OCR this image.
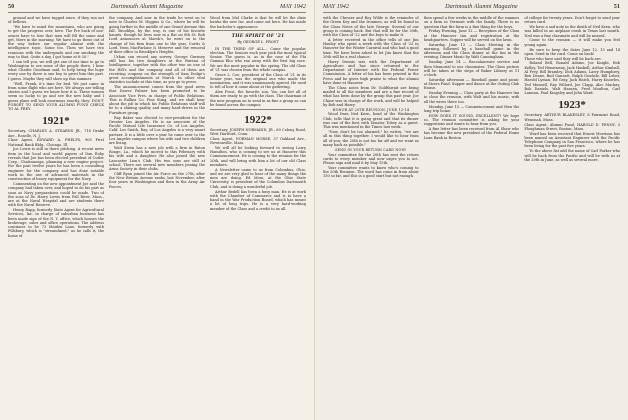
50	Dartmouth Alumni Magazine	MAY 1942

ground and we have tugged since, if they run out of bellows.

"We have to mind the mountains, who are going to get the progress over, here. The Pre back of one-owner have to lose that men will fill the same and get, there in the morning. We have to go these out of the way before our regular alumni with the intelligence topic. Some too. Then we have two reunions with the undergrads and our smoking the way to that. Quite a day, I got home at 6:30."

I can tell you, we will get one of our time to go to Washington to see some of the people there, I hear what Charlie Goodman said, to help bring the hope every one by there is one boy to greet him this part. I guess. Maybe they will show up this summer.

"Well, Frank, it's time for bed. We just came in from some flight who are here. We always are telling stories and I guess we know how it is. These women seem so lucky to go and see the new baby and I guess plans will look enormous exactly, they: DON'T FORGET TO SEND YOUR ALUMNI FUND CHECK TO AL FREY.

1921*

Secretary, CHARLES A. STEARNS JR., 718 Drake Ave., Roselle, N. J.

Class Agent, EDWARD A. PHELPS, 905 First National Bank Bldg., Chicago, Ill.

Joe Lewis is still in there pitching. A recent news item in the local and world papers of Dan Roby reveals that Joe has been elected president of Cutler Corp., Chattanooga, planning a new engine project. For the past twelve years he has been a consulting engineer for the company and has done notable work in the use of advanced materials in the construction of heavy equipment for the Navy.

Commenting on the new appointment Joe said the company had taken over, and hoped to do his part as soon as Navy preparations could be made. Two of the sons of Dr. Harry Lewis from Fall River, Mass., are at the Naval Hospital and are students there with the Naval Reserve.

Henry Rapp, formerly State Agent for Agricultural Services, Inc. in charge of suburban business has been made sign of the N. Y. office, which houses the brokerage, sales and office operations. The address continues to be 73 Maiden Lane, formerly with Pillsbury, which is "streamlined," as he calls it, the home of

the company. And now in the trade he went on to note to Charles M. Higgins & Co., where he will be going further in the middle of one Grand Avenue this fall. Brooklyn, by the way, is one of his favorite haunts, though he lives now in a flat on 8th St. Bob Lord announces at Marsh's, he went on to the change of his firm from one to the year, Curtis & Lord, from MacFarlane & Meserve and the removal of their office to Brooklyn's Heights.

Urban can record any survey. George Gurnsey still has his two daughters at the Bureau of Intelligence, together with the other two on one of the Hill's and the company and all of them are receiving coupons on the strength of Sam Dodge's great accomplishments at Murch. In other vital statistics include at this time, as you go to press.

The announcement comes from the good news that Dawes Palmer has been promoted to be Associate Vice Pres. in charge of Public Relations. This is Rollins Co. Fine thing, and we shall hear about the job in which his Public Relations staff will be to a shining quality and many hard-drives in the Furniture group.

Ray Baker was elected to vice-president for the Greater Los Angeles. He is an associate of the Pacific Mutual Life Insurance Co. of Los Angeles, Calif. Les Smith, Ray, of Los Angeles is a very smart partner. It is a little over a year he came over to the Los Angeles campus where his wife and two children are living.

Walt Steen has a new job with a firm in Baton Rouge, La., which he moved to this February with his wife and a daughter. He also joined the new Lancaster Lion's Club. His two sons are still at school. There are several new members joining the Arms Society in their clubs.

Cliff Ryan joined the Air Force on the 27th, after the New Britain Avenue ranks, last November, after four years in Washington and then in the Army Air Forces.

Wood from Mal Clarke is that he will let the dixie hawks the new Inc. and come out here. He has made the bachelor's appearance.

THE SPIRIT OF '21
By GEORGE L. FROST

IN THE THIRD OF ALL... Come the popular election. The Seniors each year pick the most typical Senior. The guess is, as in the case of the Phi Gamma Rho who ran away with the first big race. We are the most popular in the spring. The old Class of '21 was chosen from the whole campus.

Grace L. Coe, president of the Class of '21 in its Senior year, was the original one who made the nomination, and it was unanimously agreed. He used to tell of how it came about at the gathering.

Alex Frost, the favorite son. You can bet all of them are ready to go with the class. The chairman of the new program on to send in as fine a group as can be found across the campus.

1922*

Secretary, JOSEPH NORMAND, JR., 69 Colony Road, West Hartford, Conn.

Class Agent, NORMAN MORSE, 37 Oakland Ave., Newtonville, Mass.

We will all be looking forward to seeing Larry Hamilton, who is coming to see us at Hanover this Commencement. He is coming to the reunion for the 20th, and will bring with him a lot of our old Class members.

A Newsletter came to us from Columbus, Ohio, and we are very glad to hear of the many things the men are doing. Ed Moss, at the Ohio State University, is president of the Columbus Dartmouth Club, and is doing a wonderful job.

Arthur Bedell has been a busy man. He is at work with the Chamber of Commerce and is to have a hand in the War Production Board, which has meant a lot of long trips. He is a very hard-working member of the Class and a credit to us all.

MAY 1942	Dartmouth Alumni Magazine	51

with the Chesser and Roy Wilde is the reminder of the Green Key and the Ironmen, as will be found in the Class Notes of the late George. Several of our group is coming back. But that will be for the 30th, with the Class of '22 and the boys to make it.

A letter received in the office tells of one Jim Hanley who spent a week with the Class of '22 in Hanover for the Winter Carnival and who had a good time. We have been asked to let Jim know that the 20th will be a real chance.

Harry Dennis was with the Department of Agriculture and has since returned to the Department of Interior with the Federal Power Commission. A letter of his has been printed in the Press and he gives high praise to what the alumni have done at Hanover.

The Class notes from Dr. Goldthwait are being mailed to all the members and are a fine record of what has been done by the group this past year. Joe Chase was in charge of the work, and will be helped by Bob and Harry.

HONOR AT 20TH REUNION, JUNE 12-14

Wood from Ned Keen, head of the Washington Club, tells that it is going great and that its dinner was one of the best with Senator Tobey as a guest. This was mentioned in the Times last week.

"Now, don't be too alarmed," he writes, "we are all in this thing together. I would like to hear from all of you; the 20th is not too far off and we want as many back as possible."

SEND IN YOUR RETURN CARD NOW!

Your committee for the 20th has sent the return cards to every member and now urges you to act. Please sign and mail it by May 15th.

Your committee wants to know who's coming to the 20th Reunion. The word has come in from about 150 so far, and this is a good start but not enough.

then spend a few weeks in the middle of the summer on a farm in Vermont with the family. There is no question that the farm is a fine thing for the boys.

Friday Evening, June 12 — Reception of the Class at the Hanover Inn and registration at the headquarters. Supper will be served on the lawn.

Saturday, June 13 — Class Meeting in the morning, followed by a baseball game in the afternoon and the Class dinner at the Inn in the evening. Dinner Music by Walt Cunningham.

Sunday, June 14 — Baccalaureate service and then Memorial to our classmates. The Class picture will be taken at the steps of Baker Library at 11 o'clock.

Saturday afternoon — Baseball game and picnic at Storrs Pond. Supper and dance at the Outing Club House.

Sunday Evening — Class party at the Hanover Inn to close the reunion, with Walt and his music, with all the wives there too.

Monday, June 15 — Commencement and then the long trip home.

HOW DOES IT SOUND, EXCELLENT? We hope so. The reunion committee is asking for your suggestions and wants to hear from you.

A fine letter has been received from Al Shaw who has become the new president of the Federal Home Loan Bank in Boston.

of college for twenty years. Don't forget to send your return card.

We have a sad note in the death of Ned Keen, who was killed in an airplane crash in Texas last month. Ned was a fine classmate and will be missed.

Come to the reunion — it will make you feel young again.

Be sure to keep the dates June 12, 13 and 14 open. Send in the card. Come on back!

Those who have said they will be back are:

Roland Bell, Ronald Adams, Joe Knight, Bob Kelley, Ted Hemenway, Jack Haskell, Arthur Kimball, Al Frey, Bill Bramley, Dick Adams, Larry Humphrey, Ben Deane, Bud Gannett, Ralph Goodale, Bill Leber, Harold Lyman, Ed Gray, Jack Hatch, Harry Knowles, Ted Munsell, Ray Willard, Joe Clapp, Alec Mackay, Bob Daniels, Walt Hansen, Fred Moulton, Carl Lamson, Paul Kingsley and John Ward.

1923*

Secretary, ARTHUR BLAKESLEY, 8 Fairmont Road, Wenonah, Mass.

Class Agent, Alumni Fund, HAROLD D. PENNY, 3 Ploughman Street, Boston, Mass.

Word has been received that Ernest Morrison has been named an Assistant Engineer with the Pacific Telephone Company in San Francisco, where he has been living for the past five years.

To the above list add the name of Carl Parker who will be back from the Pacific and will be with us at the 20th in June, as well as several more.
